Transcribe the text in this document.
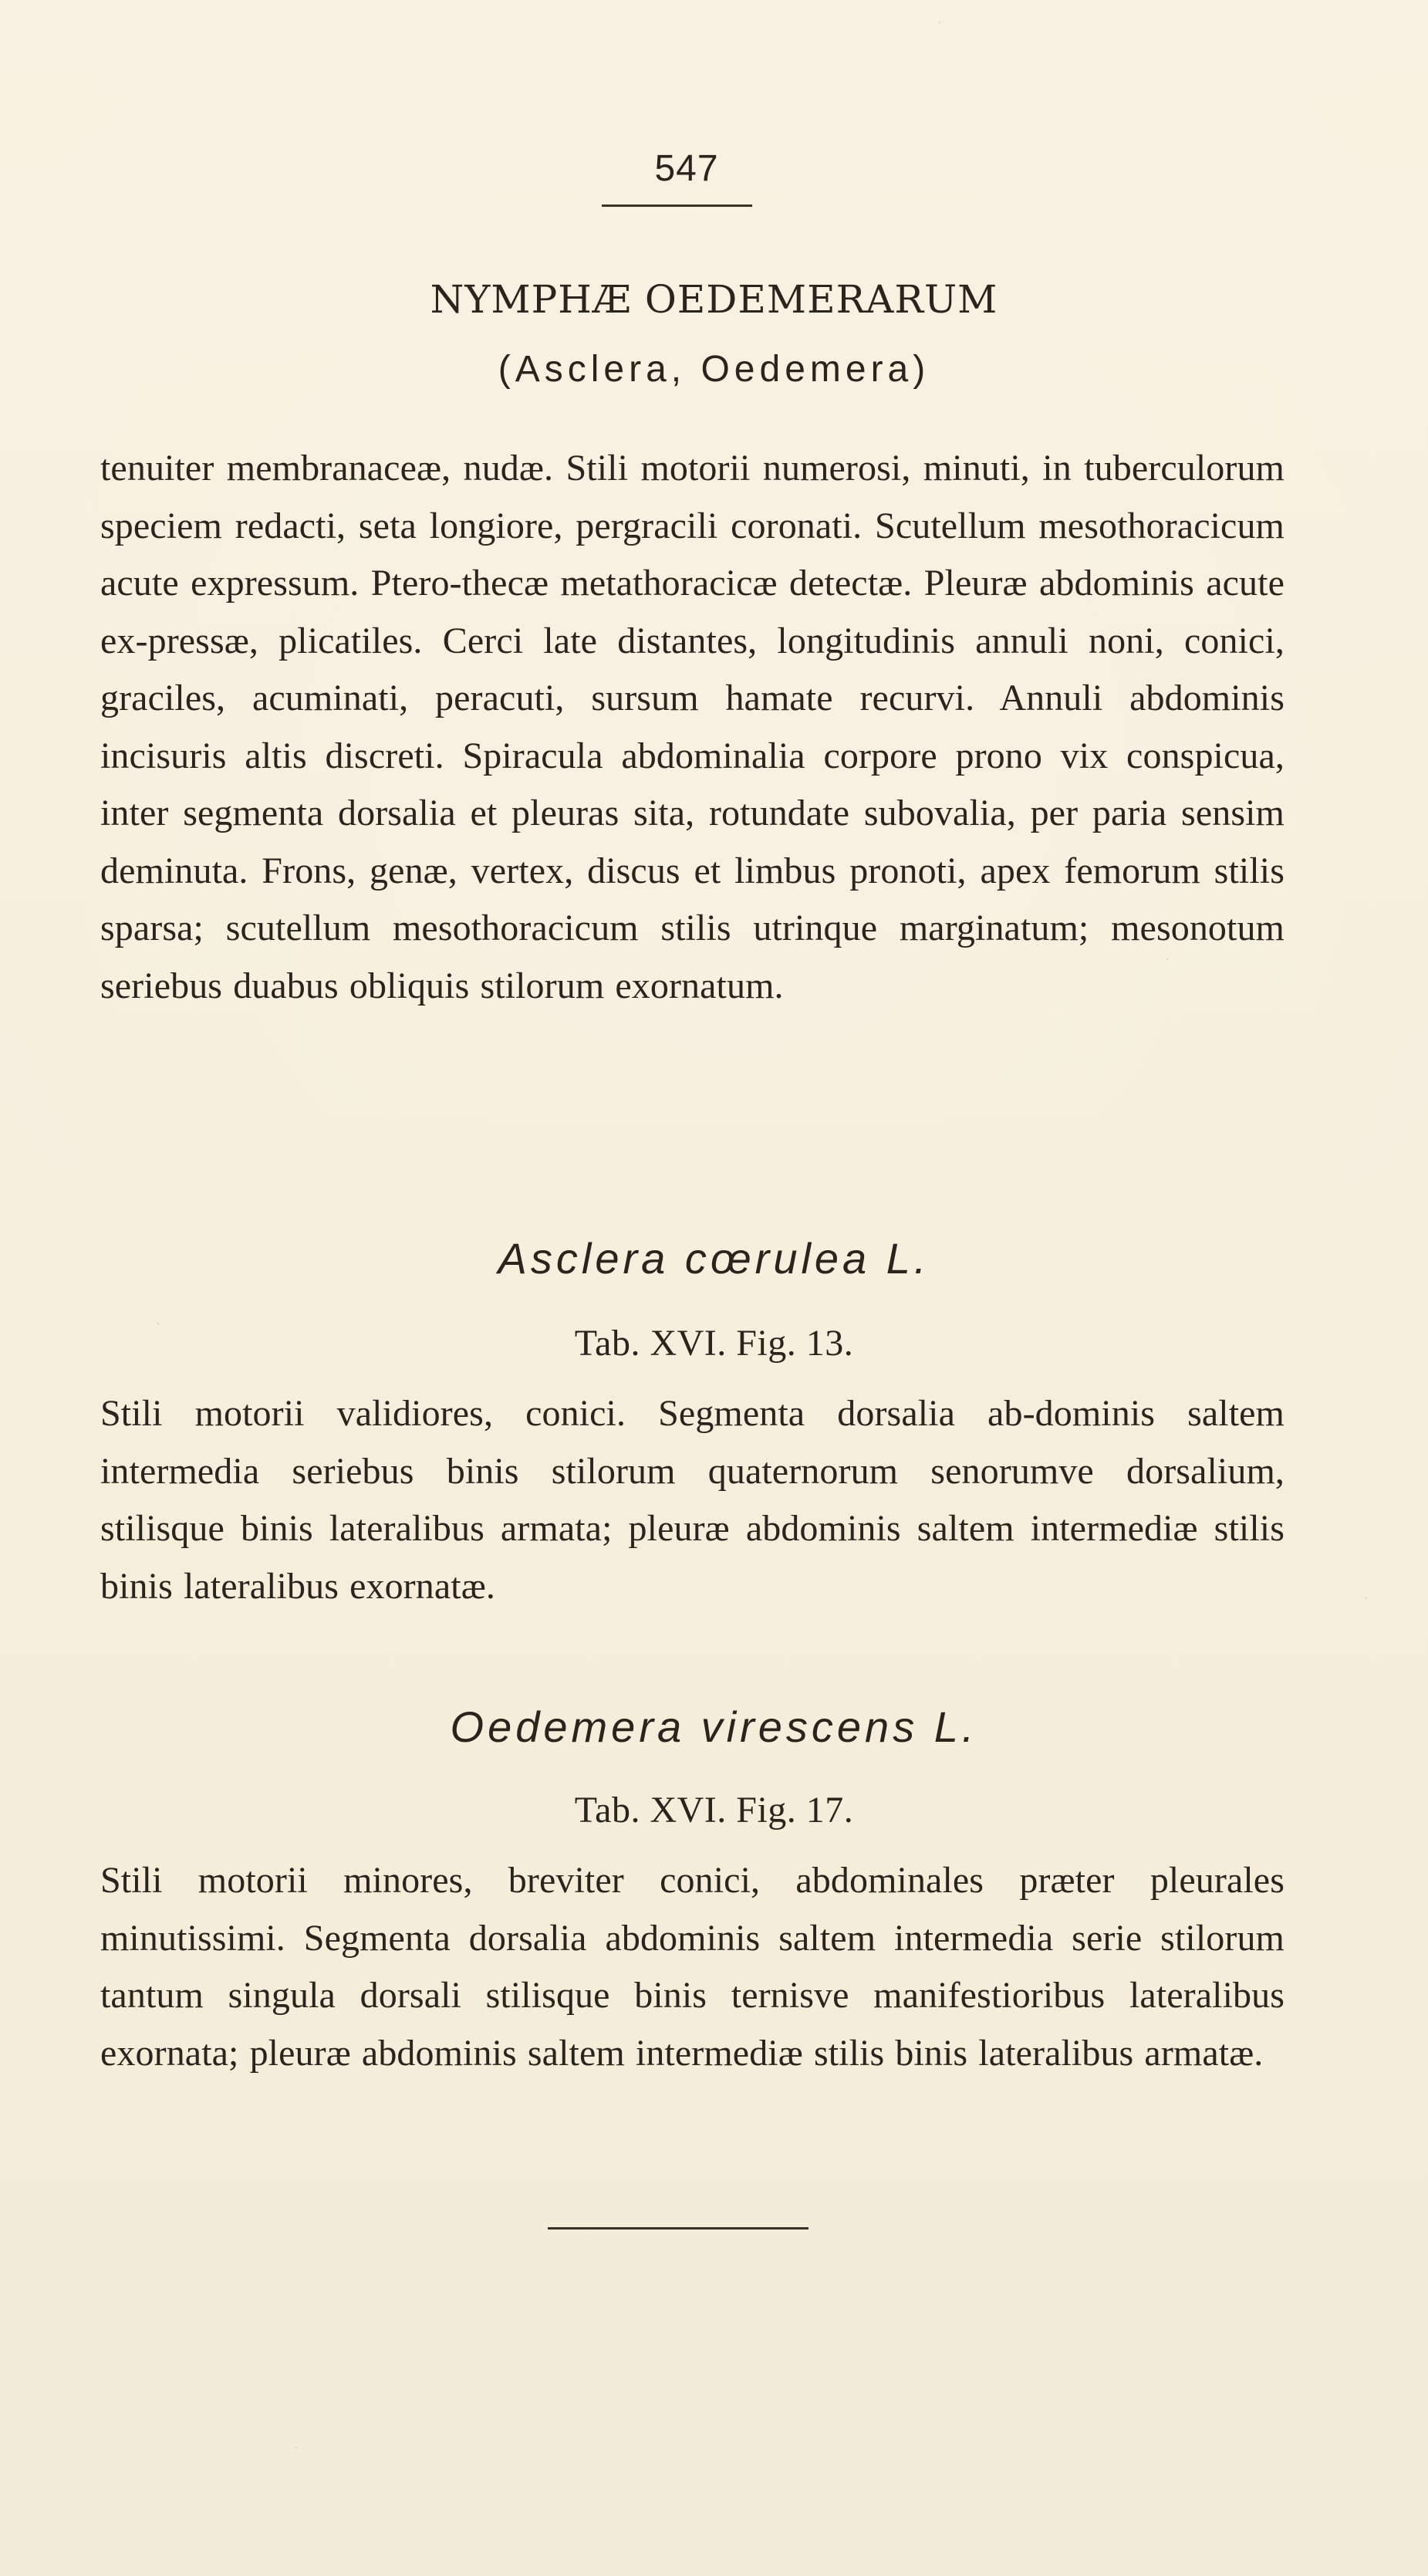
547
NYMPHÆ OEDEMERARUM
(Asclera, Oedemera)

tenuiter membranaceæ, nudæ. Stili motorii numerosi, minuti, in tuberculorum speciem redacti, seta longiore, pergracili coronati. Scutellum mesothoracicum acute expressum. Ptero-thecæ metathoracicæ detectæ. Pleuræ abdominis acute ex-pressæ, plicatiles. Cerci late distantes, longitudinis annuli noni, conici, graciles, acuminati, peracuti, sursum hamate recurvi. Annuli abdominis incisuris altis discreti. Spiracula abdominalia corpore prono vix conspicua, inter segmenta dorsalia et pleuras sita, rotundate subovalia, per paria sensim deminuta. Frons, genæ, vertex, discus et limbus pronoti, apex femorum stilis sparsa; scutellum mesothoracicum stilis utrinque marginatum; mesonotum seriebus duabus obliquis stilorum exornatum.

Asclera cœrulea L.
Tab. XVI. Fig. 13.

Stili motorii validiores, conici. Segmenta dorsalia ab-dominis saltem intermedia seriebus binis stilorum quaternorum senorumve dorsalium, stilisque binis lateralibus armata; pleuræ abdominis saltem intermediæ stilis binis lateralibus exornatæ.

Oedemera virescens L.
Tab. XVI. Fig. 17.

Stili motorii minores, breviter conici, abdominales præter pleurales minutissimi. Segmenta dorsalia abdominis saltem intermedia serie stilorum tantum singula dorsali stilisque binis ternisve manifestioribus lateralibus exornata; pleuræ abdominis saltem intermediæ stilis binis lateralibus armatæ.
